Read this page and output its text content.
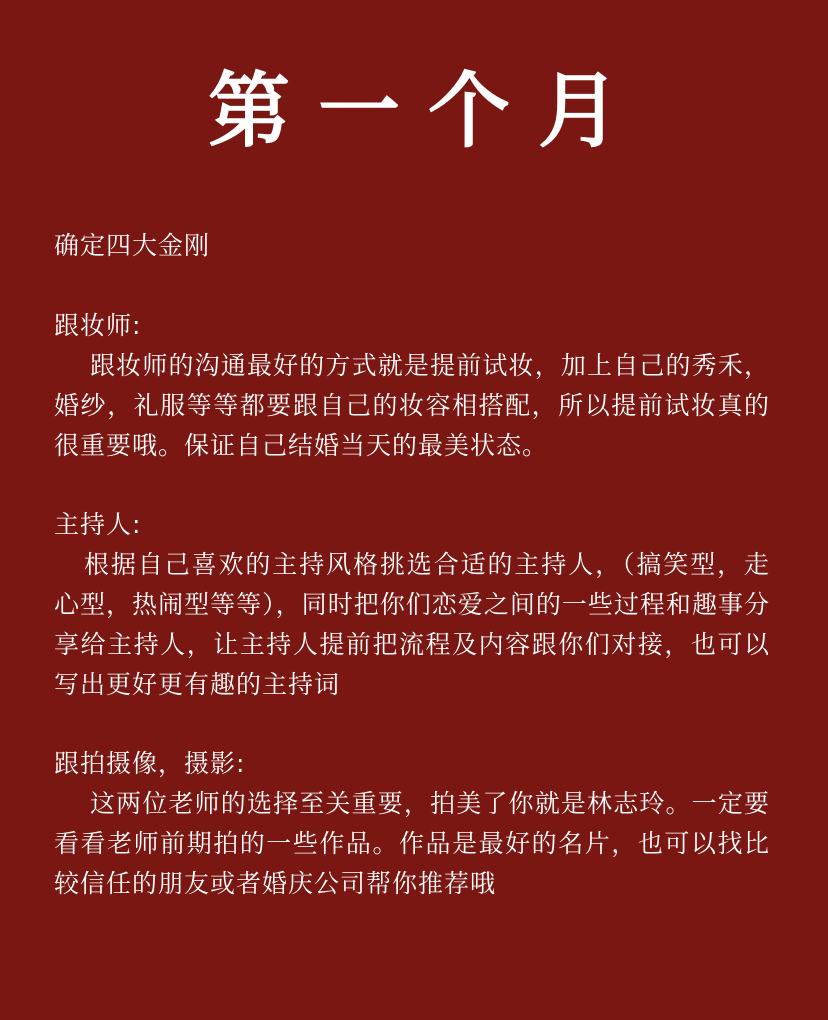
第一个月

确定四大金刚

跟妆师:

跟妆师的沟通最好的方式就是提前试妆，加上自己的秀禾，婚纱，礼服等等都要跟自己的妆容相搭配，所以提前试妆真的很重要哦。保证自己结婚当天的最美状态。

主持人:

根据自己喜欢的主持风格挑选合适的主持人，（搞笑型，走心型，热闹型等等），同时把你们恋爱之间的一些过程和趣事分享给主持人，让主持人提前把流程及内容跟你们对接，也可以写出更好更有趣的主持词

跟拍摄像，摄影:

这两位老师的选择至关重要，拍美了你就是林志玲。一定要看看老师前期拍的一些作品。作品是最好的名片，也可以找比较信任的朋友或者婚庆公司帮你推荐哦
